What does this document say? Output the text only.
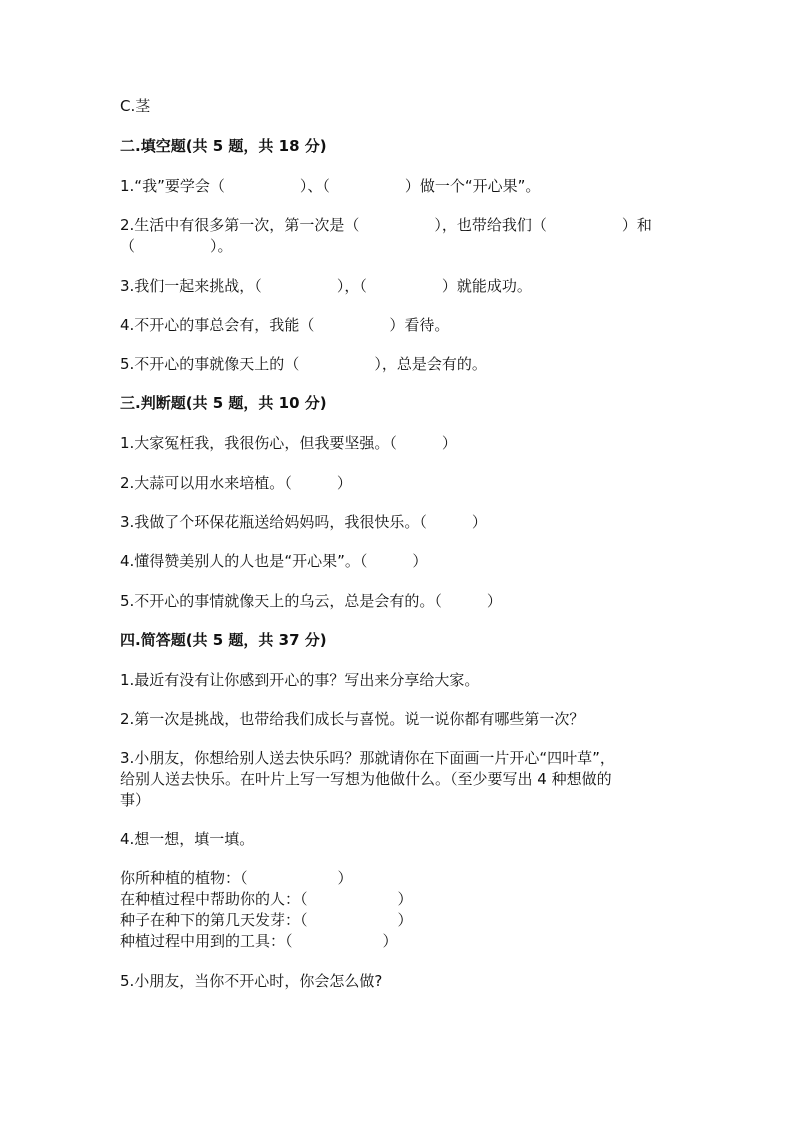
C.茎
二.填空题(共 5 题，共 18 分)
1.“我”要学会（　　　　　）、（　　　　　）做一个“开心果”。
2.生活中有很多第一次，第一次是（　　　　　），也带给我们（　　　　　）和
（　　　　　）。
3.我们一起来挑战，（　　　　　），（　　　　　）就能成功。
4.不开心的事总会有，我能（　　　　　）看待。
5.不开心的事就像天上的（　　　　　），总是会有的。
三.判断题(共 5 题，共 10 分)
1.大家冤枉我，我很伤心，但我要坚强。（　　　）
2.大蒜可以用水来培植。（　　　）
3.我做了个环保花瓶送给妈妈吗，我很快乐。（　　　）
4.懂得赞美别人的人也是“开心果”。（　　　）
5.不开心的事情就像天上的乌云，总是会有的。（　　　）
四.简答题(共 5 题，共 37 分)
1.最近有没有让你感到开心的事？写出来分享给大家。
2.第一次是挑战，也带给我们成长与喜悦。说一说你都有哪些第一次？
3.小朋友，你想给别人送去快乐吗？那就请你在下面画一片开心“四叶草”，
给别人送去快乐。在叶片上写一写想为他做什么。（至少要写出 4 种想做的
事）
4.想一想，填一填。
你所种植的植物：（　　　　　　）
在种植过程中帮助你的人：（　　　　　　）
种子在种下的第几天发芽：（　　　　　　）
种植过程中用到的工具：（　　　　　　）
5.小朋友，当你不开心时，你会怎么做?
